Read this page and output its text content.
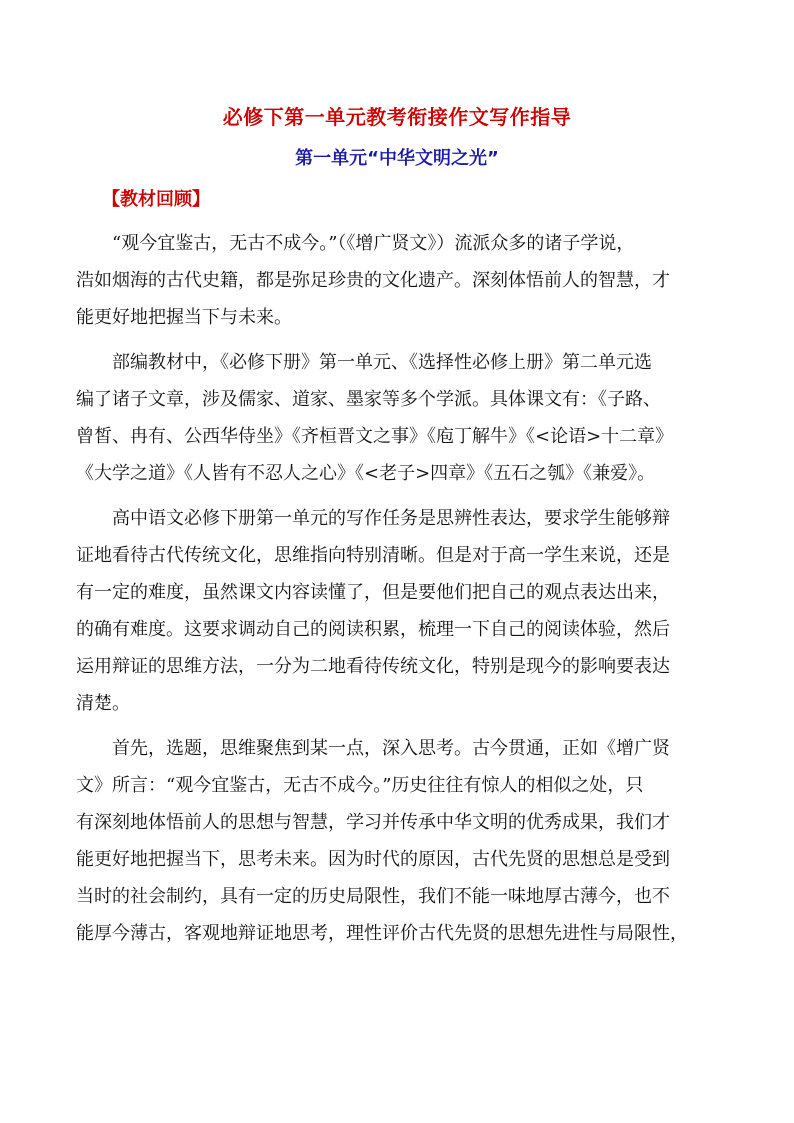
必修下第一单元教考衔接作文写作指导
第一单元“中华文明之光”
【教材回顾】
“观今宜鉴古，无古不成今。”（《增广贤文》）流派众多的诸子学说，
浩如烟海的古代史籍，都是弥足珍贵的文化遗产。深刻体悟前人的智慧，才
能更好地把握当下与未来。
部编教材中，《必修下册》第一单元、《选择性必修上册》第二单元选
编了诸子文章，涉及儒家、道家、墨家等多个学派。具体课文有：《子路、
曾皙、冉有、公西华侍坐》《齐桓晋文之事》《庖丁解牛》《<论语>十二章》
《大学之道》《人皆有不忍人之心》《<老子>四章》《五石之瓠》《兼爱》。
高中语文必修下册第一单元的写作任务是思辨性表达，要求学生能够辩
证地看待古代传统文化，思维指向特别清晰。但是对于高一学生来说，还是
有一定的难度，虽然课文内容读懂了，但是要他们把自己的观点表达出来，
的确有难度。这要求调动自己的阅读积累，梳理一下自己的阅读体验，然后
运用辩证的思维方法，一分为二地看待传统文化，特别是现今的影响要表达
清楚。
首先，选题，思维聚焦到某一点，深入思考。古今贯通，正如《增广贤
文》所言：“观今宜鉴古，无古不成今。”历史往往有惊人的相似之处，只
有深刻地体悟前人的思想与智慧，学习并传承中华文明的优秀成果，我们才
能更好地把握当下，思考未来。因为时代的原因，古代先贤的思想总是受到
当时的社会制约，具有一定的历史局限性，我们不能一味地厚古薄今，也不
能厚今薄古，客观地辩证地思考，理性评价古代先贤的思想先进性与局限性，
